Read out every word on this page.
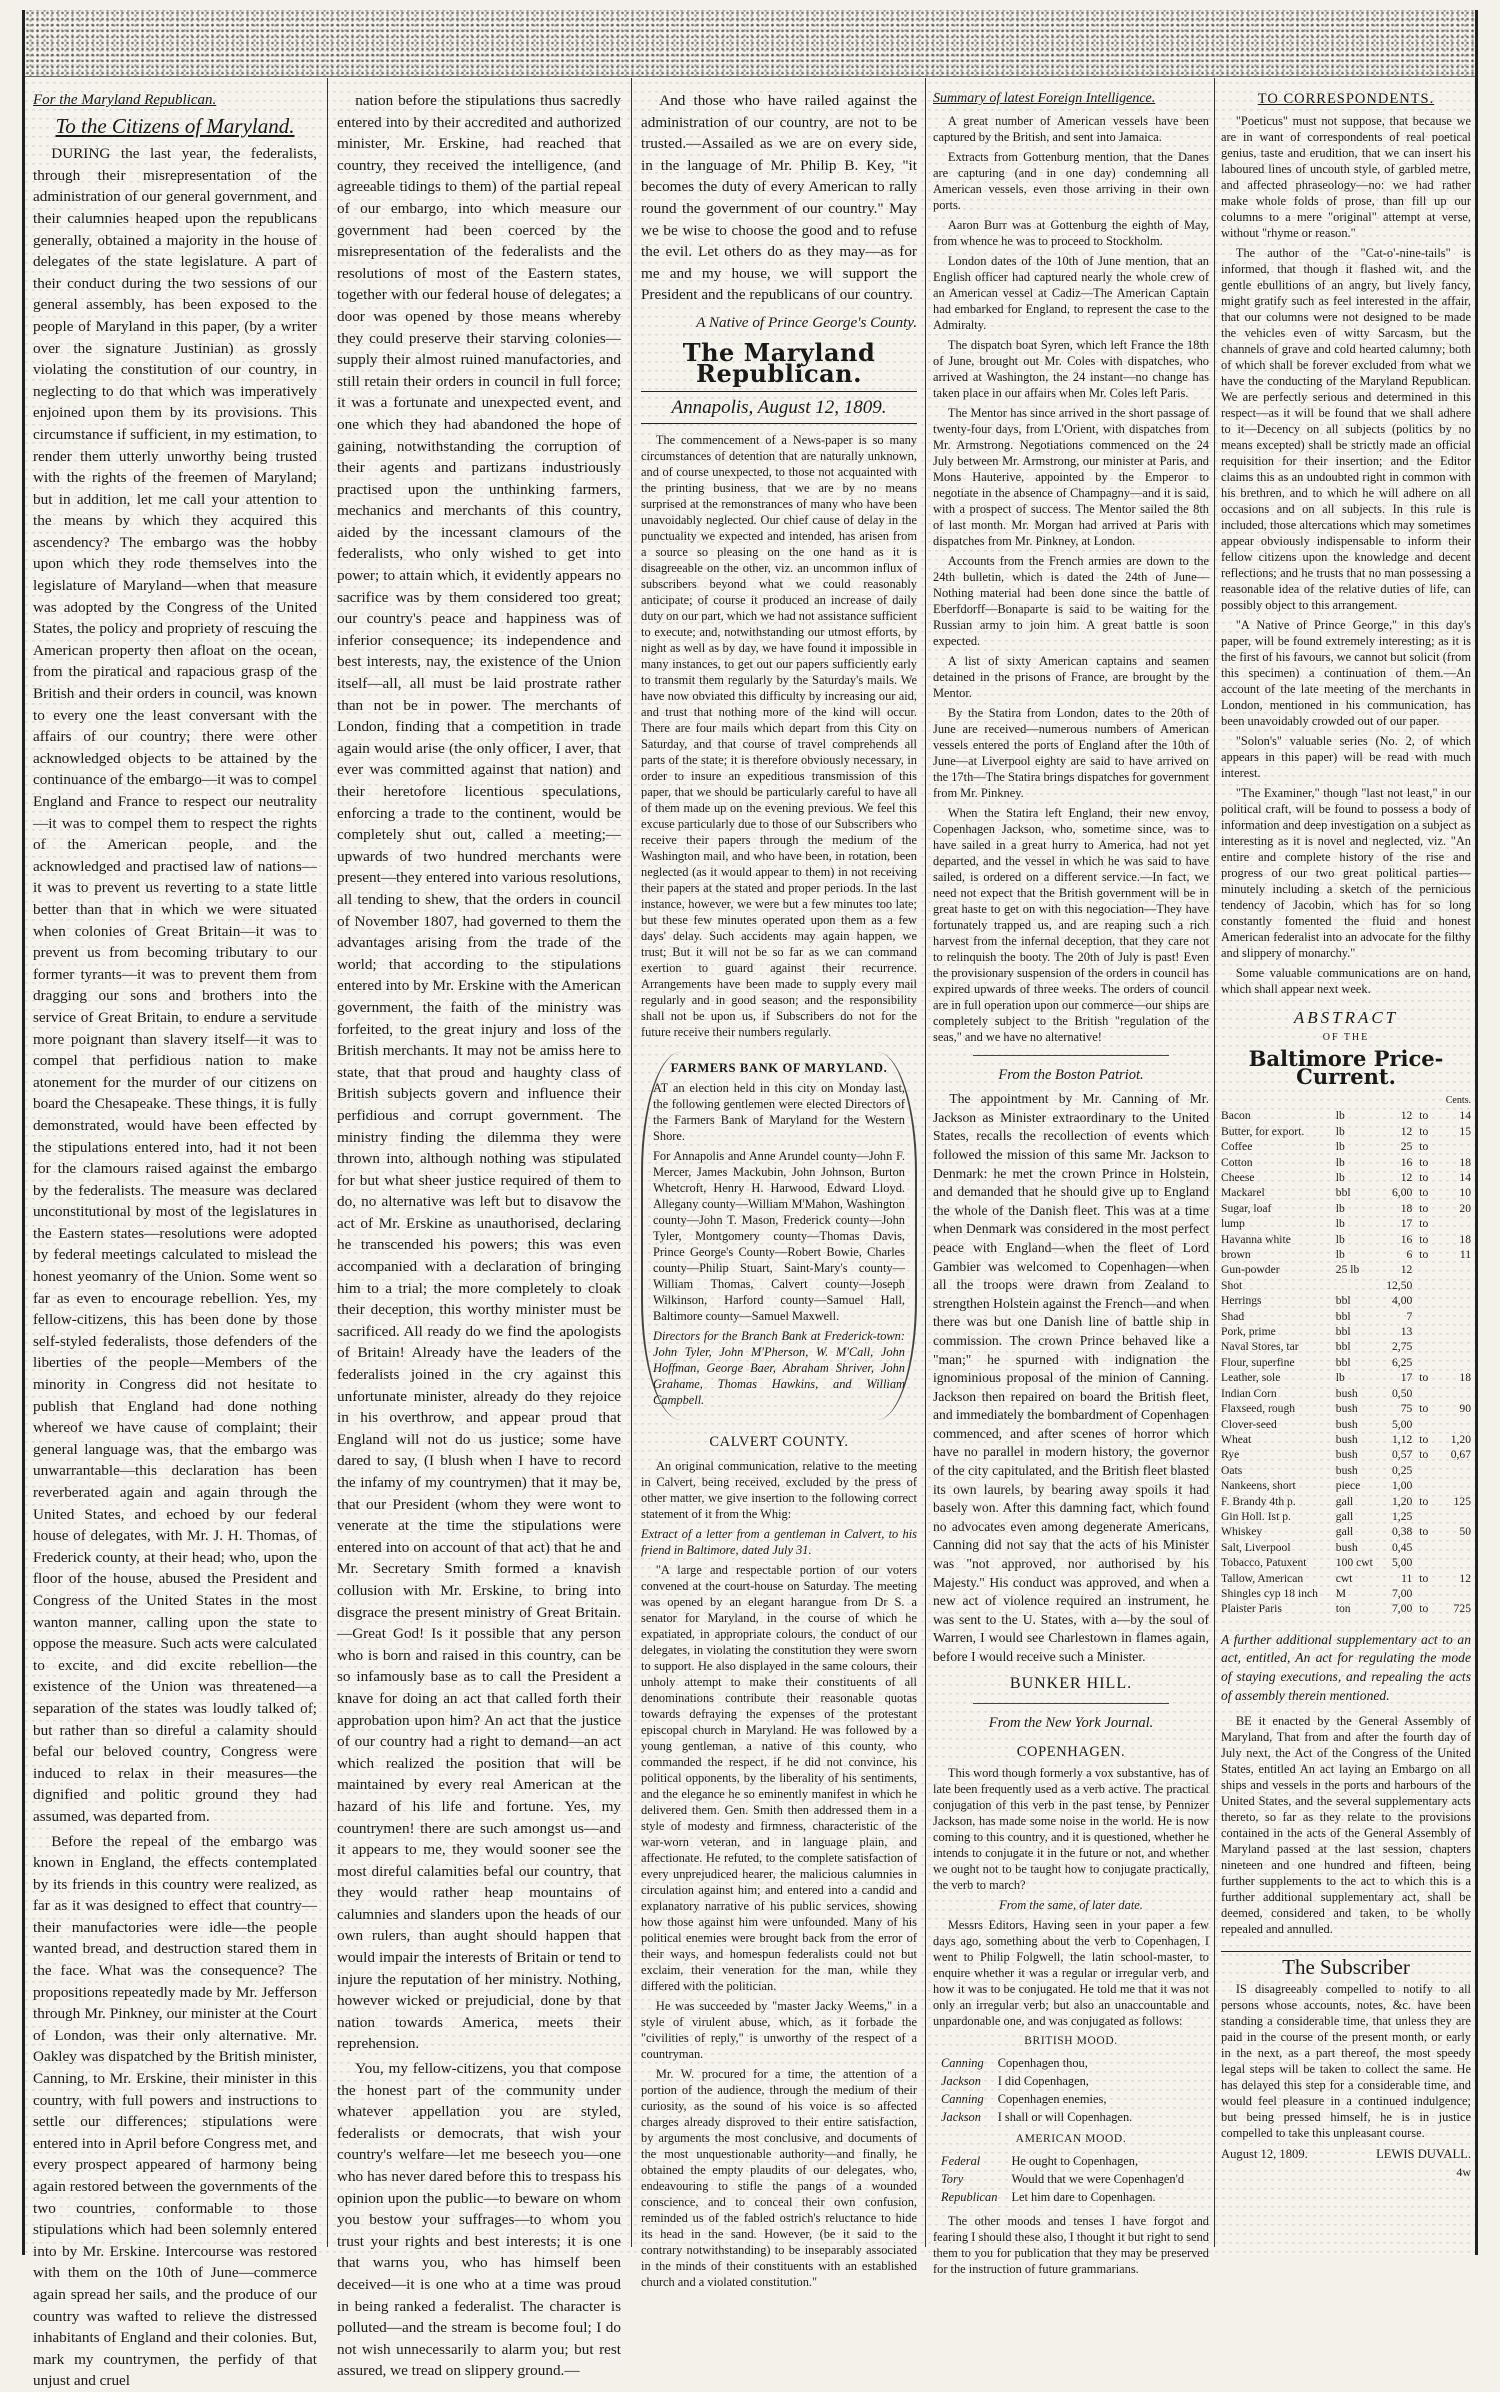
For the Maryland Republican.
To the Citizens of Maryland.

DURING the last year, the federalists, through their misrepresentation of the administration of our general government, and their calumnies heaped upon the republicans generally, obtained a majority in the house of delegates of the state legislature. A part of their conduct during the two sessions of our general assembly, has been exposed to the people of Maryland in this paper, (by a writer over the signature Justinian) as grossly violating the constitution of our country, in neglecting to do that which was imperatively enjoined upon them by its provisions. This circumstance if sufficient, in my estimation, to render them utterly unworthy being trusted with the rights of the freemen of Maryland; but in addition, let me call your attention to the means by which they acquired this ascendency? The embargo was the hobby upon which they rode themselves into the legislature of Maryland—when that measure was adopted by the Congress of the United States, the policy and propriety of rescuing the American property then afloat on the ocean, from the piratical and rapacious grasp of the British and their orders in council, was known to every one the least conversant with the affairs of our country; there were other acknowledged objects to be attained by the continuance of the embargo—it was to compel England and France to respect our neutrality—it was to compel them to respect the rights of the American people, and the acknowledged and practised law of nations—it was to prevent us reverting to a state little better than that in which we were situated when colonies of Great Britain—it was to prevent us from becoming tributary to our former tyrants—it was to prevent them from dragging our sons and brothers into the service of Great Britain, to endure a servitude more poignant than slavery itself—it was to compel that perfidious nation to make atonement for the murder of our citizens on board the Chesapeake. These things, it is fully demonstrated, would have been effected by the stipulations entered into, had it not been for the clamours raised against the embargo by the federalists. The measure was declared unconstitutional by most of the legislatures in the Eastern states—resolutions were adopted by federal meetings calculated to mislead the honest yeomanry of the Union. Some went so far as even to encourage rebellion. Yes, my fellow-citizens, this has been done by those self-styled federalists, those defenders of the liberties of the people—Members of the minority in Congress did not hesitate to publish that England had done nothing whereof we have cause of complaint; their general language was, that the embargo was unwarrantable—this declaration has been reverberated again and again through the United States, and echoed by our federal house of delegates, with Mr. J. H. Thomas, of Frederick county, at their head; who, upon the floor of the house, abused the President and Congress of the United States in the most wanton manner, calling upon the state to oppose the measure. Such acts were calculated to excite, and did excite rebellion—the existence of the Union was threatened—a separation of the states was loudly talked of; but rather than so direful a calamity should befal our beloved country, Congress were induced to relax in their measures—the dignified and politic ground they had assumed, was departed from.

Before the repeal of the embargo was known in England, the effects contemplated by its friends in this country were realized, as far as it was designed to effect that country—their manufactories were idle—the people wanted bread, and destruction stared them in the face. What was the consequence? The propositions repeatedly made by Mr. Jefferson through Mr. Pinkney, our minister at the Court of London, was their only alternative. Mr. Oakley was dispatched by the British minister, Canning, to Mr. Erskine, their minister in this country, with full powers and instructions to settle our differences; stipulations were entered into in April before Congress met, and every prospect appeared of harmony being again restored between the governments of the two countries, conformable to those stipulations which had been solemnly entered into by Mr. Erskine. Intercourse was restored with them on the 10th of June—commerce again spread her sails, and the produce of our country was wafted to relieve the distressed inhabitants of England and their colonies. But, mark my countrymen, the perfidy of that unjust and cruel

nation before the stipulations thus sacredly entered into by their accredited and authorized minister, Mr. Erskine, had reached that country, they received the intelligence, (and agreeable tidings to them) of the partial repeal of our embargo, into which measure our government had been coerced by the misrepresentation of the federalists and the resolutions of most of the Eastern states, together with our federal house of delegates; a door was opened by those means whereby they could preserve their starving colonies—supply their almost ruined manufactories, and still retain their orders in council in full force; it was a fortunate and unexpected event, and one which they had abandoned the hope of gaining, notwithstanding the corruption of their agents and partizans industriously practised upon the unthinking farmers, mechanics and merchants of this country, aided by the incessant clamours of the federalists, who only wished to get into power; to attain which, it evidently appears no sacrifice was by them considered too great; our country's peace and happiness was of inferior consequence; its independence and best interests, nay, the existence of the Union itself—all, all must be laid prostrate rather than not be in power. The merchants of London, finding that a competition in trade again would arise (the only officer, I aver, that ever was committed against that nation) and their heretofore licentious speculations, enforcing a trade to the continent, would be completely shut out, called a meeting;—upwards of two hundred merchants were present—they entered into various resolutions, all tending to shew, that the orders in council of November 1807, had governed to them the advantages arising from the trade of the world; that according to the stipulations entered into by Mr. Erskine with the American government, the faith of the ministry was forfeited, to the great injury and loss of the British merchants. It may not be amiss here to state, that that proud and haughty class of British subjects govern and influence their perfidious and corrupt government. The ministry finding the dilemma they were thrown into, although nothing was stipulated for but what sheer justice required of them to do, no alternative was left but to disavow the act of Mr. Erskine as unauthorised, declaring he transcended his powers; this was even accompanied with a declaration of bringing him to a trial; the more completely to cloak their deception, this worthy minister must be sacrificed. All ready do we find the apologists of Britain! Already have the leaders of the federalists joined in the cry against this unfortunate minister, already do they rejoice in his overthrow, and appear proud that England will not do us justice; some have dared to say, (I blush when I have to record the infamy of my countrymen) that it may be, that our President (whom they were wont to venerate at the time the stipulations were entered into on account of that act) that he and Mr. Secretary Smith formed a knavish collusion with Mr. Erskine, to bring into disgrace the present ministry of Great Britain.—Great God! Is it possible that any person who is born and raised in this country, can be so infamously base as to call the President a knave for doing an act that called forth their approbation upon him? An act that the justice of our country had a right to demand—an act which realized the position that will be maintained by every real American at the hazard of his life and fortune. Yes, my countrymen! there are such amongst us—and it appears to me, they would sooner see the most direful calamities befal our country, that they would rather heap mountains of calumnies and slanders upon the heads of our own rulers, than aught should happen that would impair the interests of Britain or tend to injure the reputation of her ministry. Nothing, however wicked or prejudicial, done by that nation towards America, meets their reprehension.

You, my fellow-citizens, you that compose the honest part of the community under whatever appellation you are styled, federalists or democrats, that wish your country's welfare—let me beseech you—one who has never dared before this to trespass his opinion upon the public—to beware on whom you bestow your suffrages—to whom you trust your rights and best interests; it is one that warns you, who has himself been deceived—it is one who at a time was proud in being ranked a federalist. The character is polluted—and the stream is become foul; I do not wish unnecessarily to alarm you; but rest assured, we tread on slippery ground.—

And those who have railed against the administration of our country, are not to be trusted.—Assailed as we are on every side, in the language of Mr. Philip B. Key, "it becomes the duty of every American to rally round the government of our country." May we be wise to choose the good and to refuse the evil. Let others do as they may—as for me and my house, we will support the President and the republicans of our country.

A Native of Prince George's County.
The Maryland Republican.
Annapolis, August 12, 1809.

The commencement of a News-paper is so many circumstances of detention that are naturally unknown, and of course unexpected, to those not acquainted with the printing business, that we are by no means surprised at the remonstrances of many who have been unavoidably neglected. Our chief cause of delay in the punctuality we expected and intended, has arisen from a source so pleasing on the one hand as it is disagreeable on the other, viz. an uncommon influx of subscribers beyond what we could reasonably anticipate; of course it produced an increase of daily duty on our part, which we had not assistance sufficient to execute; and, notwithstanding our utmost efforts, by night as well as by day, we have found it impossible in many instances, to get out our papers sufficiently early to transmit them regularly by the Saturday's mails. We have now obviated this difficulty by increasing our aid, and trust that nothing more of the kind will occur. There are four mails which depart from this City on Saturday, and that course of travel comprehends all parts of the state; it is therefore obviously necessary, in order to insure an expeditious transmission of this paper, that we should be particularly careful to have all of them made up on the evening previous. We feel this excuse particularly due to those of our Subscribers who receive their papers through the medium of the Washington mail, and who have been, in rotation, been neglected (as it would appear to them) in not receiving their papers at the stated and proper periods. In the last instance, however, we were but a few minutes too late; but these few minutes operated upon them as a few days' delay. Such accidents may again happen, we trust; But it will not be so far as we can command exertion to guard against their recurrence. Arrangements have been made to supply every mail regularly and in good season; and the responsibility shall not be upon us, if Subscribers do not for the future receive their numbers regularly.

FARMERS BANK OF MARYLAND.

AT an election held in this city on Monday last, the following gentlemen were elected Directors of the Farmers Bank of Maryland for the Western Shore.

For Annapolis and Anne Arundel county—John F. Mercer, James Mackubin, John Johnson, Burton Whetcroft, Henry H. Harwood, Edward Lloyd. Allegany county—William M'Mahon, Washington county—John T. Mason, Frederick county—John Tyler, Montgomery county—Thomas Davis, Prince George's County—Robert Bowie, Charles county—Philip Stuart, Saint-Mary's county—William Thomas, Calvert county—Joseph Wilkinson, Harford county—Samuel Hall, Baltimore county—Samuel Maxwell.

Directors for the Branch Bank at Frederick-town: John Tyler, John M'Pherson, W. M'Call, John Hoffman, George Baer, Abraham Shriver, John Grahame, Thomas Hawkins, and William Campbell.

CALVERT COUNTY.

An original communication, relative to the meeting in Calvert, being received, excluded by the press of other matter, we give insertion to the following correct statement of it from the Whig:

Extract of a letter from a gentleman in Calvert, to his friend in Baltimore, dated July 31.

"A large and respectable portion of our voters convened at the court-house on Saturday. The meeting was opened by an elegant harangue from Dr S. a senator for Maryland, in the course of which he expatiated, in appropriate colours, the conduct of our delegates, in violating the constitution they were sworn to support. He also displayed in the same colours, their unholy attempt to make their constituents of all denominations contribute their reasonable quotas towards defraying the expenses of the protestant episcopal church in Maryland. He was followed by a young gentleman, a native of this county, who commanded the respect, if he did not convince, his political opponents, by the liberality of his sentiments, and the elegance he so eminently manifest in which he delivered them. Gen. Smith then addressed them in a style of modesty and firmness, characteristic of the war-worn veteran, and in language plain, and affectionate. He refuted, to the complete satisfaction of every unprejudiced hearer, the malicious calumnies in circulation against him; and entered into a candid and explanatory narrative of his public services, showing how those against him were unfounded. Many of his political enemies were brought back from the error of their ways, and homespun federalists could not but exclaim, their veneration for the man, while they differed with the politician.

He was succeeded by "master Jacky Weems," in a style of virulent abuse, which, as it forbade the "civilities of reply," is unworthy of the respect of a countryman.

Mr. W. procured for a time, the attention of a portion of the audience, through the medium of their curiosity, as the sound of his voice is so affected charges already disproved to their entire satisfaction, by arguments the most conclusive, and documents of the most unquestionable authority—and finally, he obtained the empty plaudits of our delegates, who, endeavouring to stifle the pangs of a wounded conscience, and to conceal their own confusion, reminded us of the fabled ostrich's reluctance to hide its head in the sand. However, (be it said to the contrary notwithstanding) to be inseparably associated in the minds of their constituents with an established church and a violated constitution."

Summary of latest Foreign Intelligence.

A great number of American vessels have been captured by the British, and sent into Jamaica.

Extracts from Gottenburg mention, that the Danes are capturing (and in one day) condemning all American vessels, even those arriving in their own ports.

Aaron Burr was at Gottenburg the eighth of May, from whence he was to proceed to Stockholm.

London dates of the 10th of June mention, that an English officer had captured nearly the whole crew of an American vessel at Cadiz—The American Captain had embarked for England, to represent the case to the Admiralty.

The dispatch boat Syren, which left France the 18th of June, brought out Mr. Coles with dispatches, who arrived at Washington, the 24 instant—no change has taken place in our affairs when Mr. Coles left Paris.

The Mentor has since arrived in the short passage of twenty-four days, from L'Orient, with dispatches from Mr. Armstrong. Negotiations commenced on the 24 July between Mr. Armstrong, our minister at Paris, and Mons Hauterive, appointed by the Emperor to negotiate in the absence of Champagny—and it is said, with a prospect of success. The Mentor sailed the 8th of last month. Mr. Morgan had arrived at Paris with dispatches from Mr. Pinkney, at London.

Accounts from the French armies are down to the 24th bulletin, which is dated the 24th of June—Nothing material had been done since the battle of Eberfdorff—Bonaparte is said to be waiting for the Russian army to join him. A great battle is soon expected.

A list of sixty American captains and seamen detained in the prisons of France, are brought by the Mentor.

By the Statira from London, dates to the 20th of June are received—numerous numbers of American vessels entered the ports of England after the 10th of June—at Liverpool eighty are said to have arrived on the 17th—The Statira brings dispatches for government from Mr. Pinkney.

When the Statira left England, their new envoy, Copenhagen Jackson, who, sometime since, was to have sailed in a great hurry to America, had not yet departed, and the vessel in which he was said to have sailed, is ordered on a different service.—In fact, we need not expect that the British government will be in great haste to get on with this negociation—They have fortunately trapped us, and are reaping such a rich harvest from the infernal deception, that they care not to relinquish the booty. The 20th of July is past! Even the provisionary suspension of the orders in council has expired upwards of three weeks. The orders of council are in full operation upon our commerce—our ships are completely subject to the British "regulation of the seas," and we have no alternative!

From the Boston Patriot.

The appointment by Mr. Canning of Mr. Jackson as Minister extraordinary to the United States, recalls the recollection of events which followed the mission of this same Mr. Jackson to Denmark: he met the crown Prince in Holstein, and demanded that he should give up to England the whole of the Danish fleet. This was at a time when Denmark was considered in the most perfect peace with England—when the fleet of Lord Gambier was welcomed to Copenhagen—when all the troops were drawn from Zealand to strengthen Holstein against the French—and when there was but one Danish line of battle ship in commission. The crown Prince behaved like a "man;" he spurned with indignation the ignominious proposal of the minion of Canning. Jackson then repaired on board the British fleet, and immediately the bombardment of Copenhagen commenced, and after scenes of horror which have no parallel in modern history, the governor of the city capitulated, and the British fleet blasted its own laurels, by bearing away spoils it had basely won. After this damning fact, which found no advocates even among degenerate Americans, Canning did not say that the acts of his Minister was "not approved, nor authorised by his Majesty." His conduct was approved, and when a new act of violence required an instrument, he was sent to the U. States, with a—by the soul of Warren, I would see Charlestown in flames again, before I would receive such a Minister.

BUNKER HILL.
From the New York Journal.
COPENHAGEN.

This word though formerly a vox substantive, has of late been frequently used as a verb active. The practical conjugation of this verb in the past tense, by Pennizer Jackson, has made some noise in the world. He is now coming to this country, and it is questioned, whether he intends to conjugate it in the future or not, and whether we ought not to be taught how to conjugate practically, the verb to march?

From the same, of later date.

Messrs Editors, Having seen in your paper a few days ago, something about the verb to Copenhagen, I went to Philip Folgwell, the latin school-master, to enquire whether it was a regular or irregular verb, and how it was to be conjugated. He told me that it was not only an irregular verb; but also an unaccountable and unpardonable one, and was conjugated as follows:

BRITISH MOOD.
Canning	Copenhagen thou,
Jackson	I did Copenhagen,
Canning	Copenhagen enemies,
Jackson	I shall or will Copenhagen.
AMERICAN MOOD.
Federal	He ought to Copenhagen,
Tory	Would that we were Copenhagen'd
Republican	Let him dare to Copenhagen.

The other moods and tenses I have forgot and fearing I should these also, I thought it but right to send them to you for publication that they may be preserved for the instruction of future grammarians.

TO CORRESPONDENTS.

"Poeticus" must not suppose, that because we are in want of correspondents of real poetical genius, taste and erudition, that we can insert his laboured lines of uncouth style, of garbled metre, and affected phraseology—no: we had rather make whole folds of prose, than fill up our columns to a mere "original" attempt at verse, without "rhyme or reason."

The author of the "Cat-o'-nine-tails" is informed, that though it flashed wit, and the gentle ebullitions of an angry, but lively fancy, might gratify such as feel interested in the affair, that our columns were not designed to be made the vehicles even of witty Sarcasm, but the channels of grave and cold hearted calumny; both of which shall be forever excluded from what we have the conducting of the Maryland Republican. We are perfectly serious and determined in this respect—as it will be found that we shall adhere to it—Decency on all subjects (politics by no means excepted) shall be strictly made an official requisition for their insertion; and the Editor claims this as an undoubted right in common with his brethren, and to which he will adhere on all occasions and on all subjects. In this rule is included, those altercations which may sometimes appear obviously indispensable to inform their fellow citizens upon the knowledge and decent reflections; and he trusts that no man possessing a reasonable idea of the relative duties of life, can possibly object to this arrangement.

"A Native of Prince George," in this day's paper, will be found extremely interesting; as it is the first of his favours, we cannot but solicit (from this specimen) a continuation of them.—An account of the late meeting of the merchants in London, mentioned in his communication, has been unavoidably crowded out of our paper.

"Solon's" valuable series (No. 2, of which appears in this paper) will be read with much interest.

"The Examiner," though "last not least," in our political craft, will be found to possess a body of information and deep investigation on a subject as interesting as it is novel and neglected, viz. "An entire and complete history of the rise and progress of our two great political parties—minutely including a sketch of the pernicious tendency of Jacobin, which has for so long constantly fomented the fluid and honest American federalist into an advocate for the filthy and slippery of monarchy."

Some valuable communications are on hand, which shall appear next week.

ABSTRACT
OF THE
Baltimore Price-Current.
Cents.				
Bacon	lb	12	to	14
Butter, for export.	lb	12	to	15
Coffee	lb	25	to	
Cotton	lb	16	to	18
Cheese	lb	12	to	14
Mackarel	bbl	6,00	to	10
Sugar, loaf	lb	18	to	20
lump	lb	17	to	
Havanna white	lb	16	to	18
brown	lb	6	to	11
Gun-powder	25 lb	12		
Shot		12,50		
Herrings	bbl	4,00		
Shad	bbl	7		
Pork, prime	bbl	13		
Naval Stores, tar	bbl	2,75		
Flour, superfine	bbl	6,25		
Leather, sole	lb	17	to	18
Indian Corn	bush	0,50		
Flaxseed, rough	bush	75	to	90
Clover-seed	bush	5,00		
Wheat	bush	1,12	to	1,20
Rye	bush	0,57	to	0,67
Oats	bush	0,25		
Nankeens, short	piece	1,00		
F. Brandy 4th p.	gall	1,20	to	125
Gin Holl. Ist p.	gall	1,25		
Whiskey	gall	0,38	to	50
Salt, Liverpool	bush	0,45		
Tobacco, Patuxent	100 cwt	5,00		
Tallow, American	cwt	11	to	12
Shingles cyp 18 inch	M	7,00		
Plaister Paris	ton	7,00	to	725
A further additional supplementary act to an act, entitled, An act for regulating the mode of staying executions, and repealing the acts of assembly therein mentioned.

BE it enacted by the General Assembly of Maryland, That from and after the fourth day of July next, the Act of the Congress of the United States, entitled An act laying an Embargo on all ships and vessels in the ports and harbours of the United States, and the several supplementary acts thereto, so far as they relate to the provisions contained in the acts of the General Assembly of Maryland passed at the last session, chapters nineteen and one hundred and fifteen, being further supplements to the act to which this is a further additional supplementary act, shall be deemed, considered and taken, to be wholly repealed and annulled.

The Subscriber

IS disagreeably compelled to notify to all persons whose accounts, notes, &c. have been standing a considerable time, that unless they are paid in the course of the present month, or early in the next, as a part thereof, the most speedy legal steps will be taken to collect the same. He has delayed this step for a considerable time, and would feel pleasure in a continued indulgence; but being pressed himself, he is in justice compelled to take this unpleasant course.

August 12, 1809.	LEWIS DUVALL.
4w
